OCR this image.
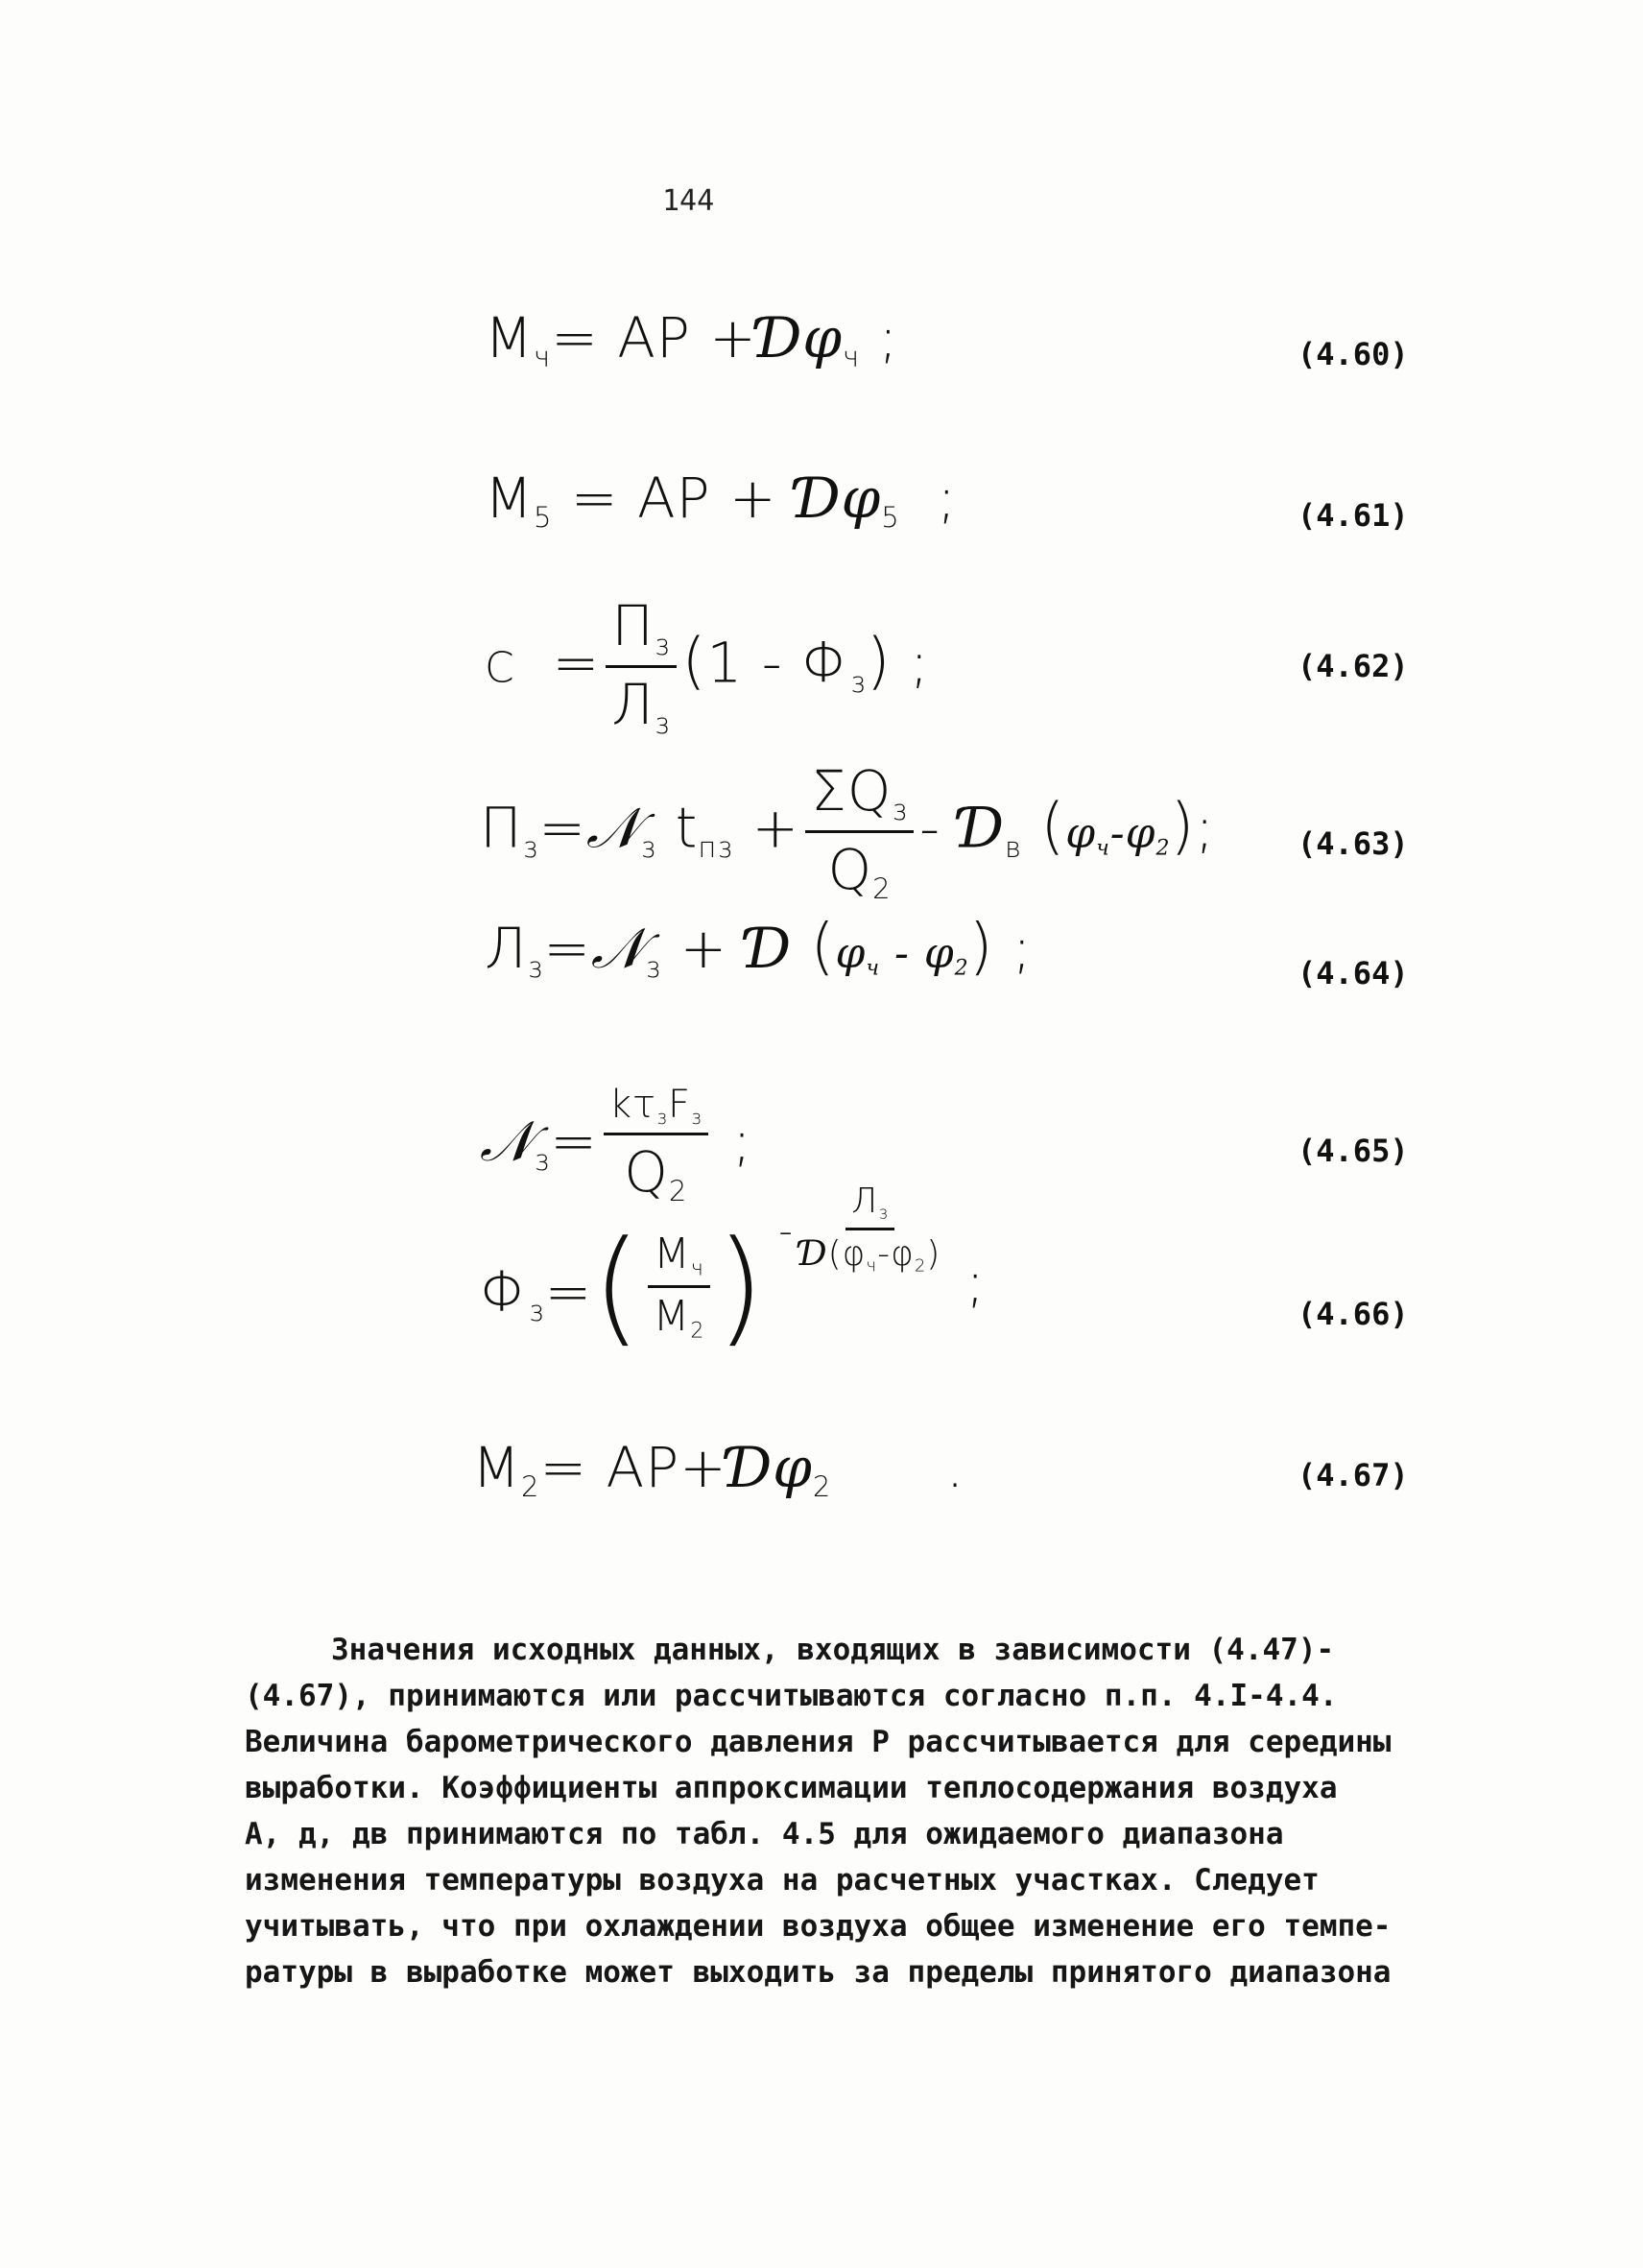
144
$M_ч=$ AP $+Ɗ\varphi_ч$ ;	(4.60)
$M_5$ = AP + $Ɗ\varphi_5$  ;	(4.61)
$C = \frac{\Pi_з}{Л_з} (1 - \Phi_з)$ ;	(4.62)
$\Pi_з=𝒩_з$ $t_{пз} + \frac{\Sigma Q_з}{Q_2}$ - $Ɗ_в$ $(\varphi_ч-\varphi_2)$;	(4.63)
$Л_з=𝒩_з$ + Ɗ $(\varphi_ч - \varphi_2)$ ;	(4.64)
𝒩$_з$= $\frac{k\tau_зF_з}{Q_2}$ ;	(4.65)
$\Phi_з=( \frac{M_ч}{M_2}$ ) $^- \frac{Л_з}{Ɗ(\varphi_ч-\varphi_2)}$
;	(4.66)
$M_2=$ $AP+Ɗ\varphi_2$ .	(4.67)
Значения исходных данных, входящих в зависимости (4.47)-
(4.67), принимаются или рассчитываются согласно п.п. 4.I-4.4.
Величина барометрического давления Р рассчитывается для середины
выработки. Коэффициенты аппроксимации теплосодержания воздуха
А, д, дв принимаются по табл. 4.5 для ожидаемого диапазона
изменения температуры воздуха на расчетных участках. Следует
учитывать, что при охлаждении воздуха общее изменение его темпе-
ратуры в выработке может выходить за пределы принятого диапазона
